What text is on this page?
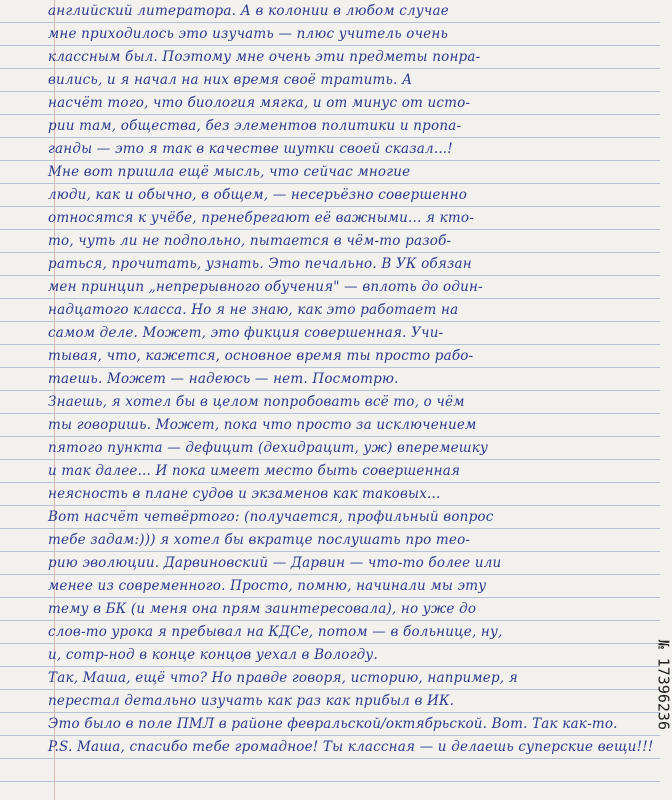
английский литератора. А в колонии в любом случае
мне приходилось это изучать — плюс учитель очень
классным был. Поэтому мне очень эти предметы понра-
вились, и я начал на них время своё тратить. А
насчёт того, что биология мягка, и от минус от исто-
рии там, общества, без элементов политики и пропа-
ганды — это я так в качестве шутки своей сказал...!
Мне вот пришла ещё мысль, что сейчас многие
люди, как и обычно, в общем, — несерьёзно совершенно
относятся к учёбе, пренебрегают её важными... я кто-
то, чуть ли не подпольно, пытается в чём-то разоб-
раться, прочитать, узнать. Это печально. В УК обязан
мен принцип „непрерывного обучения" — вплоть до один-
надцатого класса. Но я не знаю, как это работает на
самом деле. Может, это фикция совершенная. Учи-
тывая, что, кажется, основное время ты просто рабо-
таешь. Может — надеюсь — нет. Посмотрю.
Знаешь, я хотел бы в целом попробовать всё то, о чём
ты говоришь. Может, пока что просто за исключением
пятого пункта — дефицит (дехидрацит, уж) вперемешку
и так далее... И пока имеет место быть совершенная
неясность в плане судов и экзаменов как таковых...
Вот насчёт четвёртого: (получается, профильный вопрос
тебе задам:))) я хотел бы вкратце послушать про тео-
рию эволюции. Дарвиновский — Дарвин — что-то более или
менее из современного. Просто, помню, начинали мы эту
тему в БК (и меня она прям заинтересовала), но уже до
слов-то урока я пребывал на КДСе, потом — в больнице, ну,
и, сотр-нод в конце концов уехал в Вологду.
Так, Маша, ещё что? Но правде говоря, историю, например, я
перестал детально изучать как раз как прибыл в ИК.
Это было в поле ПМЛ в районе февральской/октябрьской. Вот. Так как-то.
P.S. Маша, спасибо тебе громадное! Ты классная — и делаешь суперские вещи!!!
№ 17396236
